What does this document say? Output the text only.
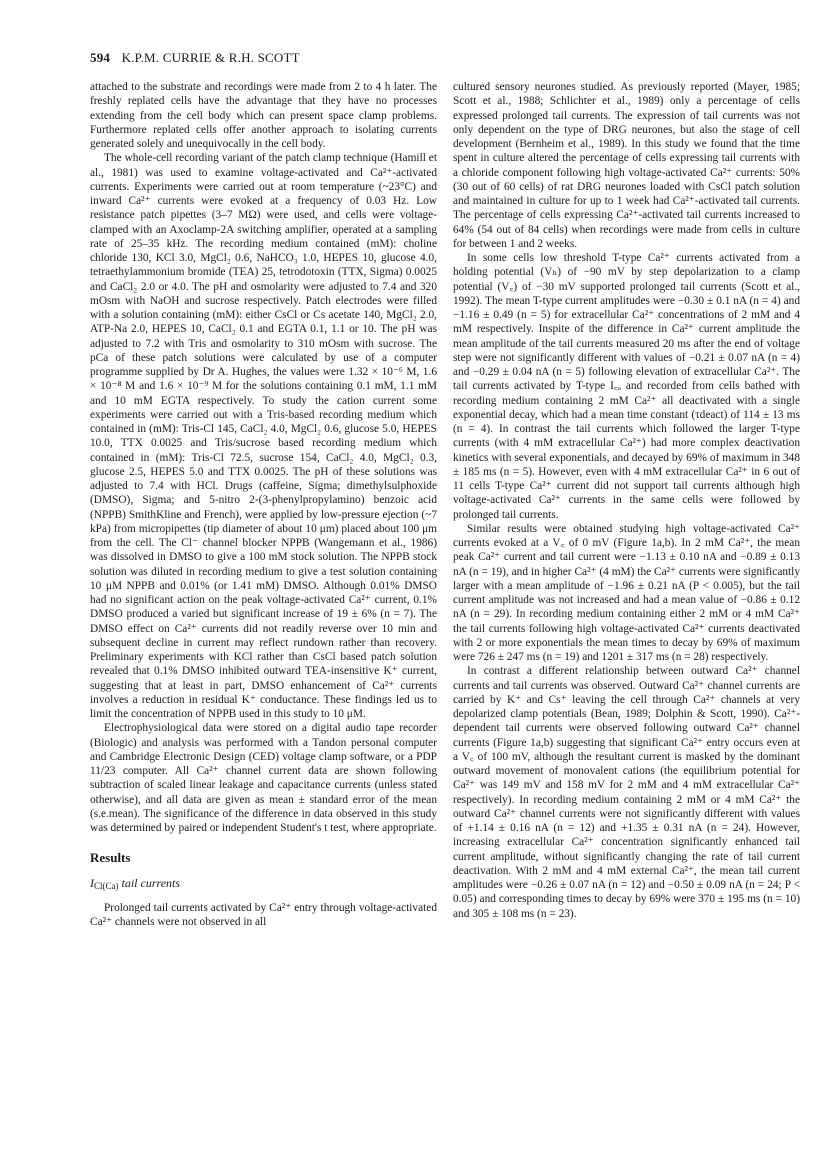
594 K.P.M. CURRIE & R.H. SCOTT

attached to the substrate and recordings were made from 2 to 4 h later. The freshly replated cells have the advantage that they have no processes extending from the cell body which can present space clamp problems. Furthermore replated cells offer another approach to isolating currents generated solely and unequivocally in the cell body.

The whole-cell recording variant of the patch clamp technique (Hamill et al., 1981) was used to examine voltage-activated and Ca²⁺-activated currents. Experiments were carried out at room temperature (~23°C) and inward Ca²⁺ currents were evoked at a frequency of 0.03 Hz. Low resistance patch pipettes (3–7 MΩ) were used, and cells were voltage-clamped with an Axoclamp-2A switching amplifier, operated at a sampling rate of 25–35 kHz. The recording medium contained (mM): choline chloride 130, KCl 3.0, MgCl₂ 0.6, NaHCO₃ 1.0, HEPES 10, glucose 4.0, tetraethylammonium bromide (TEA) 25, tetrodotoxin (TTX, Sigma) 0.0025 and CaCl₂ 2.0 or 4.0. The pH and osmolarity were adjusted to 7.4 and 320 mOsm with NaOH and sucrose respectively. Patch electrodes were filled with a solution containing (mM): either CsCl or Cs acetate 140, MgCl₂ 2.0, ATP-Na 2.0, HEPES 10, CaCl₂ 0.1 and EGTA 0.1, 1.1 or 10. The pH was adjusted to 7.2 with Tris and osmolarity to 310 mOsm with sucrose. The pCa of these patch solutions were calculated by use of a computer programme supplied by Dr A. Hughes, the values were 1.32 × 10⁻⁶ M, 1.6 × 10⁻⁸ M and 1.6 × 10⁻⁹ M for the solutions containing 0.1 mM, 1.1 mM and 10 mM EGTA respectively. To study the cation current some experiments were carried out with a Tris-based recording medium which contained in (mM): Tris-Cl 145, CaCl₂ 4.0, MgCl₂ 0.6, glucose 5.0, HEPES 10.0, TTX 0.0025 and Tris/sucrose based recording medium which contained in (mM): Tris-Cl 72.5, sucrose 154, CaCl₂ 4.0, MgCl₂ 0.3, glucose 2.5, HEPES 5.0 and TTX 0.0025. The pH of these solutions was adjusted to 7.4 with HCl. Drugs (caffeine, Sigma; dimethylsulphoxide (DMSO), Sigma; and 5-nitro 2-(3-phenylpropylamino) benzoic acid (NPPB) SmithKline and French), were applied by low-pressure ejection (~7 kPa) from micropipettes (tip diameter of about 10 μm) placed about 100 μm from the cell. The Cl⁻ channel blocker NPPB (Wangemann et al., 1986) was dissolved in DMSO to give a 100 mM stock solution. The NPPB stock solution was diluted in recording medium to give a test solution containing 10 μM NPPB and 0.01% (or 1.41 mM) DMSO. Although 0.01% DMSO had no significant action on the peak voltage-activated Ca²⁺ current, 0.1% DMSO produced a varied but significant increase of 19 ± 6% (n = 7). The DMSO effect on Ca²⁺ currents did not readily reverse over 10 min and subsequent decline in current may reflect rundown rather than recovery. Preliminary experiments with KCl rather than CsCl based patch solution revealed that 0.1% DMSO inhibited outward TEA-insensitive K⁺ current, suggesting that at least in part, DMSO enhancement of Ca²⁺ currents involves a reduction in residual K⁺ conductance. These findings led us to limit the concentration of NPPB used in this study to 10 μM.

Electrophysiological data were stored on a digital audio tape recorder (Biologic) and analysis was performed with a Tandon personal computer and Cambridge Electronic Design (CED) voltage clamp software, or a PDP 11/23 computer. All Ca²⁺ channel current data are shown following subtraction of scaled linear leakage and capacitance currents (unless stated otherwise), and all data are given as mean ± standard error of the mean (s.e.mean). The significance of the difference in data observed in this study was determined by paired or independent Student's t test, where appropriate.

Results
$I_{Cl(Ca)}$ tail currents

Prolonged tail currents activated by Ca²⁺ entry through voltage-activated Ca²⁺ channels were not observed in all

cultured sensory neurones studied. As previously reported (Mayer, 1985; Scott et al., 1988; Schlichter et al., 1989) only a percentage of cells expressed prolonged tail currents. The expression of tail currents was not only dependent on the type of DRG neurones, but also the stage of cell development (Bernheim et al., 1989). In this study we found that the time spent in culture altered the percentage of cells expressing tail currents with a chloride component following high voltage-activated Ca²⁺ currents: 50% (30 out of 60 cells) of rat DRG neurones loaded with CsCl patch solution and maintained in culture for up to 1 week had Ca²⁺-activated tail currents. The percentage of cells expressing Ca²⁺-activated tail currents increased to 64% (54 out of 84 cells) when recordings were made from cells in culture for between 1 and 2 weeks.

In some cells low threshold T-type Ca²⁺ currents activated from a holding potential (Vₕ) of −90 mV by step depolarization to a clamp potential (V꜀) of −30 mV supported prolonged tail currents (Scott et al., 1992). The mean T-type current amplitudes were −0.30 ± 0.1 nA (n = 4) and −1.16 ± 0.49 (n = 5) for extracellular Ca²⁺ concentrations of 2 mM and 4 mM respectively. Inspite of the difference in Ca²⁺ current amplitude the mean amplitude of the tail currents measured 20 ms after the end of voltage step were not significantly different with values of −0.21 ± 0.07 nA (n = 4) and −0.29 ± 0.04 nA (n = 5) following elevation of extracellular Ca²⁺. The tail currents activated by T-type I꜀ₐ and recorded from cells bathed with recording medium containing 2 mM Ca²⁺ all deactivated with a single exponential decay, which had a mean time constant (τdeact) of 114 ± 13 ms (n = 4). In contrast the tail currents which followed the larger T-type currents (with 4 mM extracellular Ca²⁺) had more complex deactivation kinetics with several exponentials, and decayed by 69% of maximum in 348 ± 185 ms (n = 5). However, even with 4 mM extracellular Ca²⁺ in 6 out of 11 cells T-type Ca²⁺ current did not support tail currents although high voltage-activated Ca²⁺ currents in the same cells were followed by prolonged tail currents.

Similar results were obtained studying high voltage-activated Ca²⁺ currents evoked at a V꜀ of 0 mV (Figure 1a,b). In 2 mM Ca²⁺, the mean peak Ca²⁺ current and tail current were −1.13 ± 0.10 nA and −0.89 ± 0.13 nA (n = 19), and in higher Ca²⁺ (4 mM) the Ca²⁺ currents were significantly larger with a mean amplitude of −1.96 ± 0.21 nA (P < 0.005), but the tail current amplitude was not increased and had a mean value of −0.86 ± 0.12 nA (n = 29). In recording medium containing either 2 mM or 4 mM Ca²⁺ the tail currents following high voltage-activated Ca²⁺ currents deactivated with 2 or more exponentials the mean times to decay by 69% of maximum were 726 ± 247 ms (n = 19) and 1201 ± 317 ms (n = 28) respectively.

In contrast a different relationship between outward Ca²⁺ channel currents and tail currents was observed. Outward Ca²⁺ channel currents are carried by K⁺ and Cs⁺ leaving the cell through Ca²⁺ channels at very depolarized clamp potentials (Bean, 1989; Dolphin & Scott, 1990). Ca²⁺-dependent tail currents were observed following outward Ca²⁺ channel currents (Figure 1a,b) suggesting that significant Ca²⁺ entry occurs even at a V꜀ of 100 mV, although the resultant current is masked by the dominant outward movement of monovalent cations (the equilibrium potential for Ca²⁺ was 149 mV and 158 mV for 2 mM and 4 mM extracellular Ca²⁺ respectively). In recording medium containing 2 mM or 4 mM Ca²⁺ the outward Ca²⁺ channel currents were not significantly different with values of +1.14 ± 0.16 nA (n = 12) and +1.35 ± 0.31 nA (n = 24). However, increasing extracellular Ca²⁺ concentration significantly enhanced tail current amplitude, without significantly changing the rate of tail current deactivation. With 2 mM and 4 mM external Ca²⁺, the mean tail current amplitudes were −0.26 ± 0.07 nA (n = 12) and −0.50 ± 0.09 nA (n = 24; P < 0.05) and corresponding times to decay by 69% were 370 ± 195 ms (n = 10) and 305 ± 108 ms (n = 23).
